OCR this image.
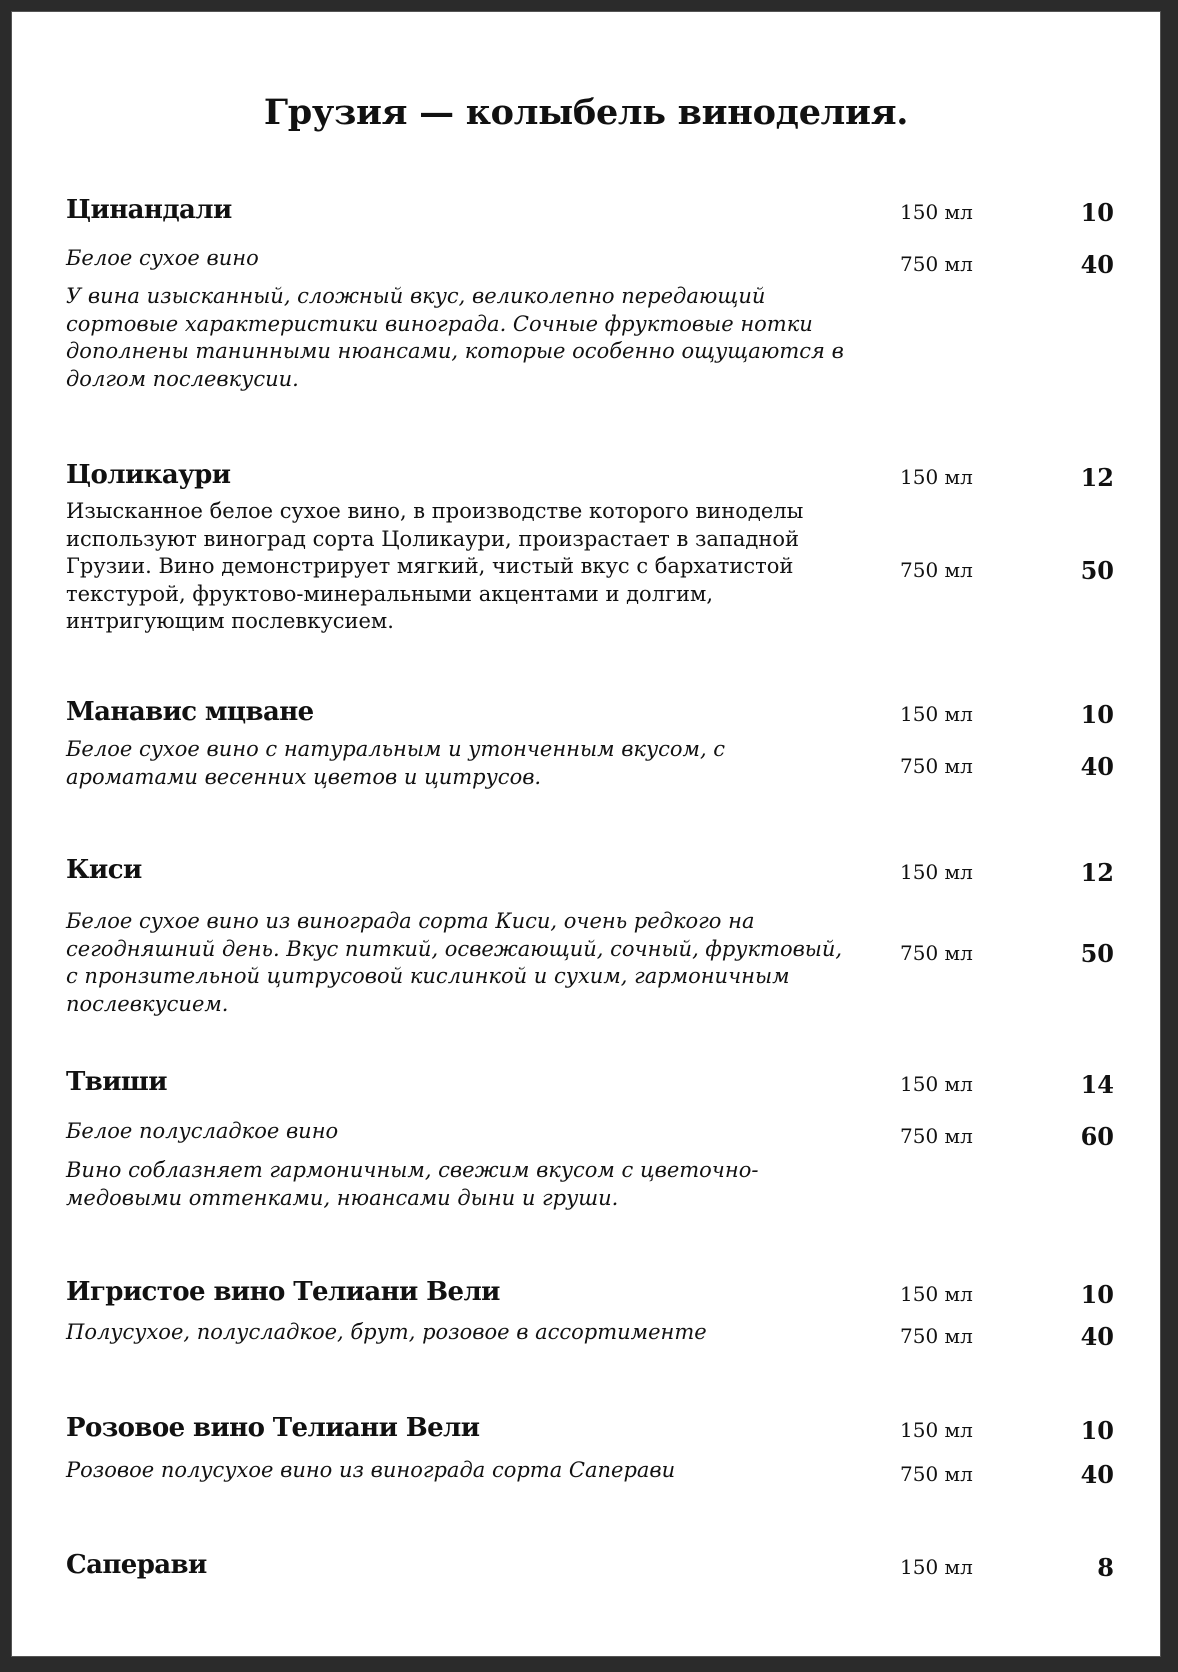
Грузия — колыбель виноделия.
Цинандали
Белое сухое вино
У вина изысканный, сложный вкус, великолепно передающий сортовые характеристики винограда. Сочные фруктовые нотки дополнены танинными нюансами, которые особенно ощущаются в долгом послевкусии.
150 мл	10
750 мл	40
Цоликаури
Изысканное белое сухое вино, в производстве которого виноделы используют виноград сорта Цоликаури, произрастает в западной Грузии. Вино демонстрирует мягкий, чистый вкус с бархатистой текстурой, фруктово-минеральными акцентами и долгим, интригующим послевкусием.
150 мл	12
750 мл	50
Манавис мцване
Белое сухое вино с натуральным и утонченным вкусом, с ароматами весенних цветов и цитрусов.
150 мл	10
750 мл	40
Киси
Белое сухое вино из винограда сорта Киси, очень редкого на сегодняшний день. Вкус питкий, освежающий, сочный, фруктовый, с пронзительной цитрусовой кислинкой и сухим, гармоничным послевкусием.
150 мл	12
750 мл	50
Твиши
Белое полусладкое вино
Вино соблазняет гармоничным, свежим вкусом с цветочно-медовыми оттенками, нюансами дыни и груши.
150 мл	14
750 мл	60
Игристое вино Телиани Вели
Полусухое, полусладкое, брут, розовое в ассортименте
150 мл	10
750 мл	40
Розовое вино Телиани Вели
Розовое полусухое вино из винограда сорта Саперави
150 мл	10
750 мл	40
Саперави	150 мл	8
